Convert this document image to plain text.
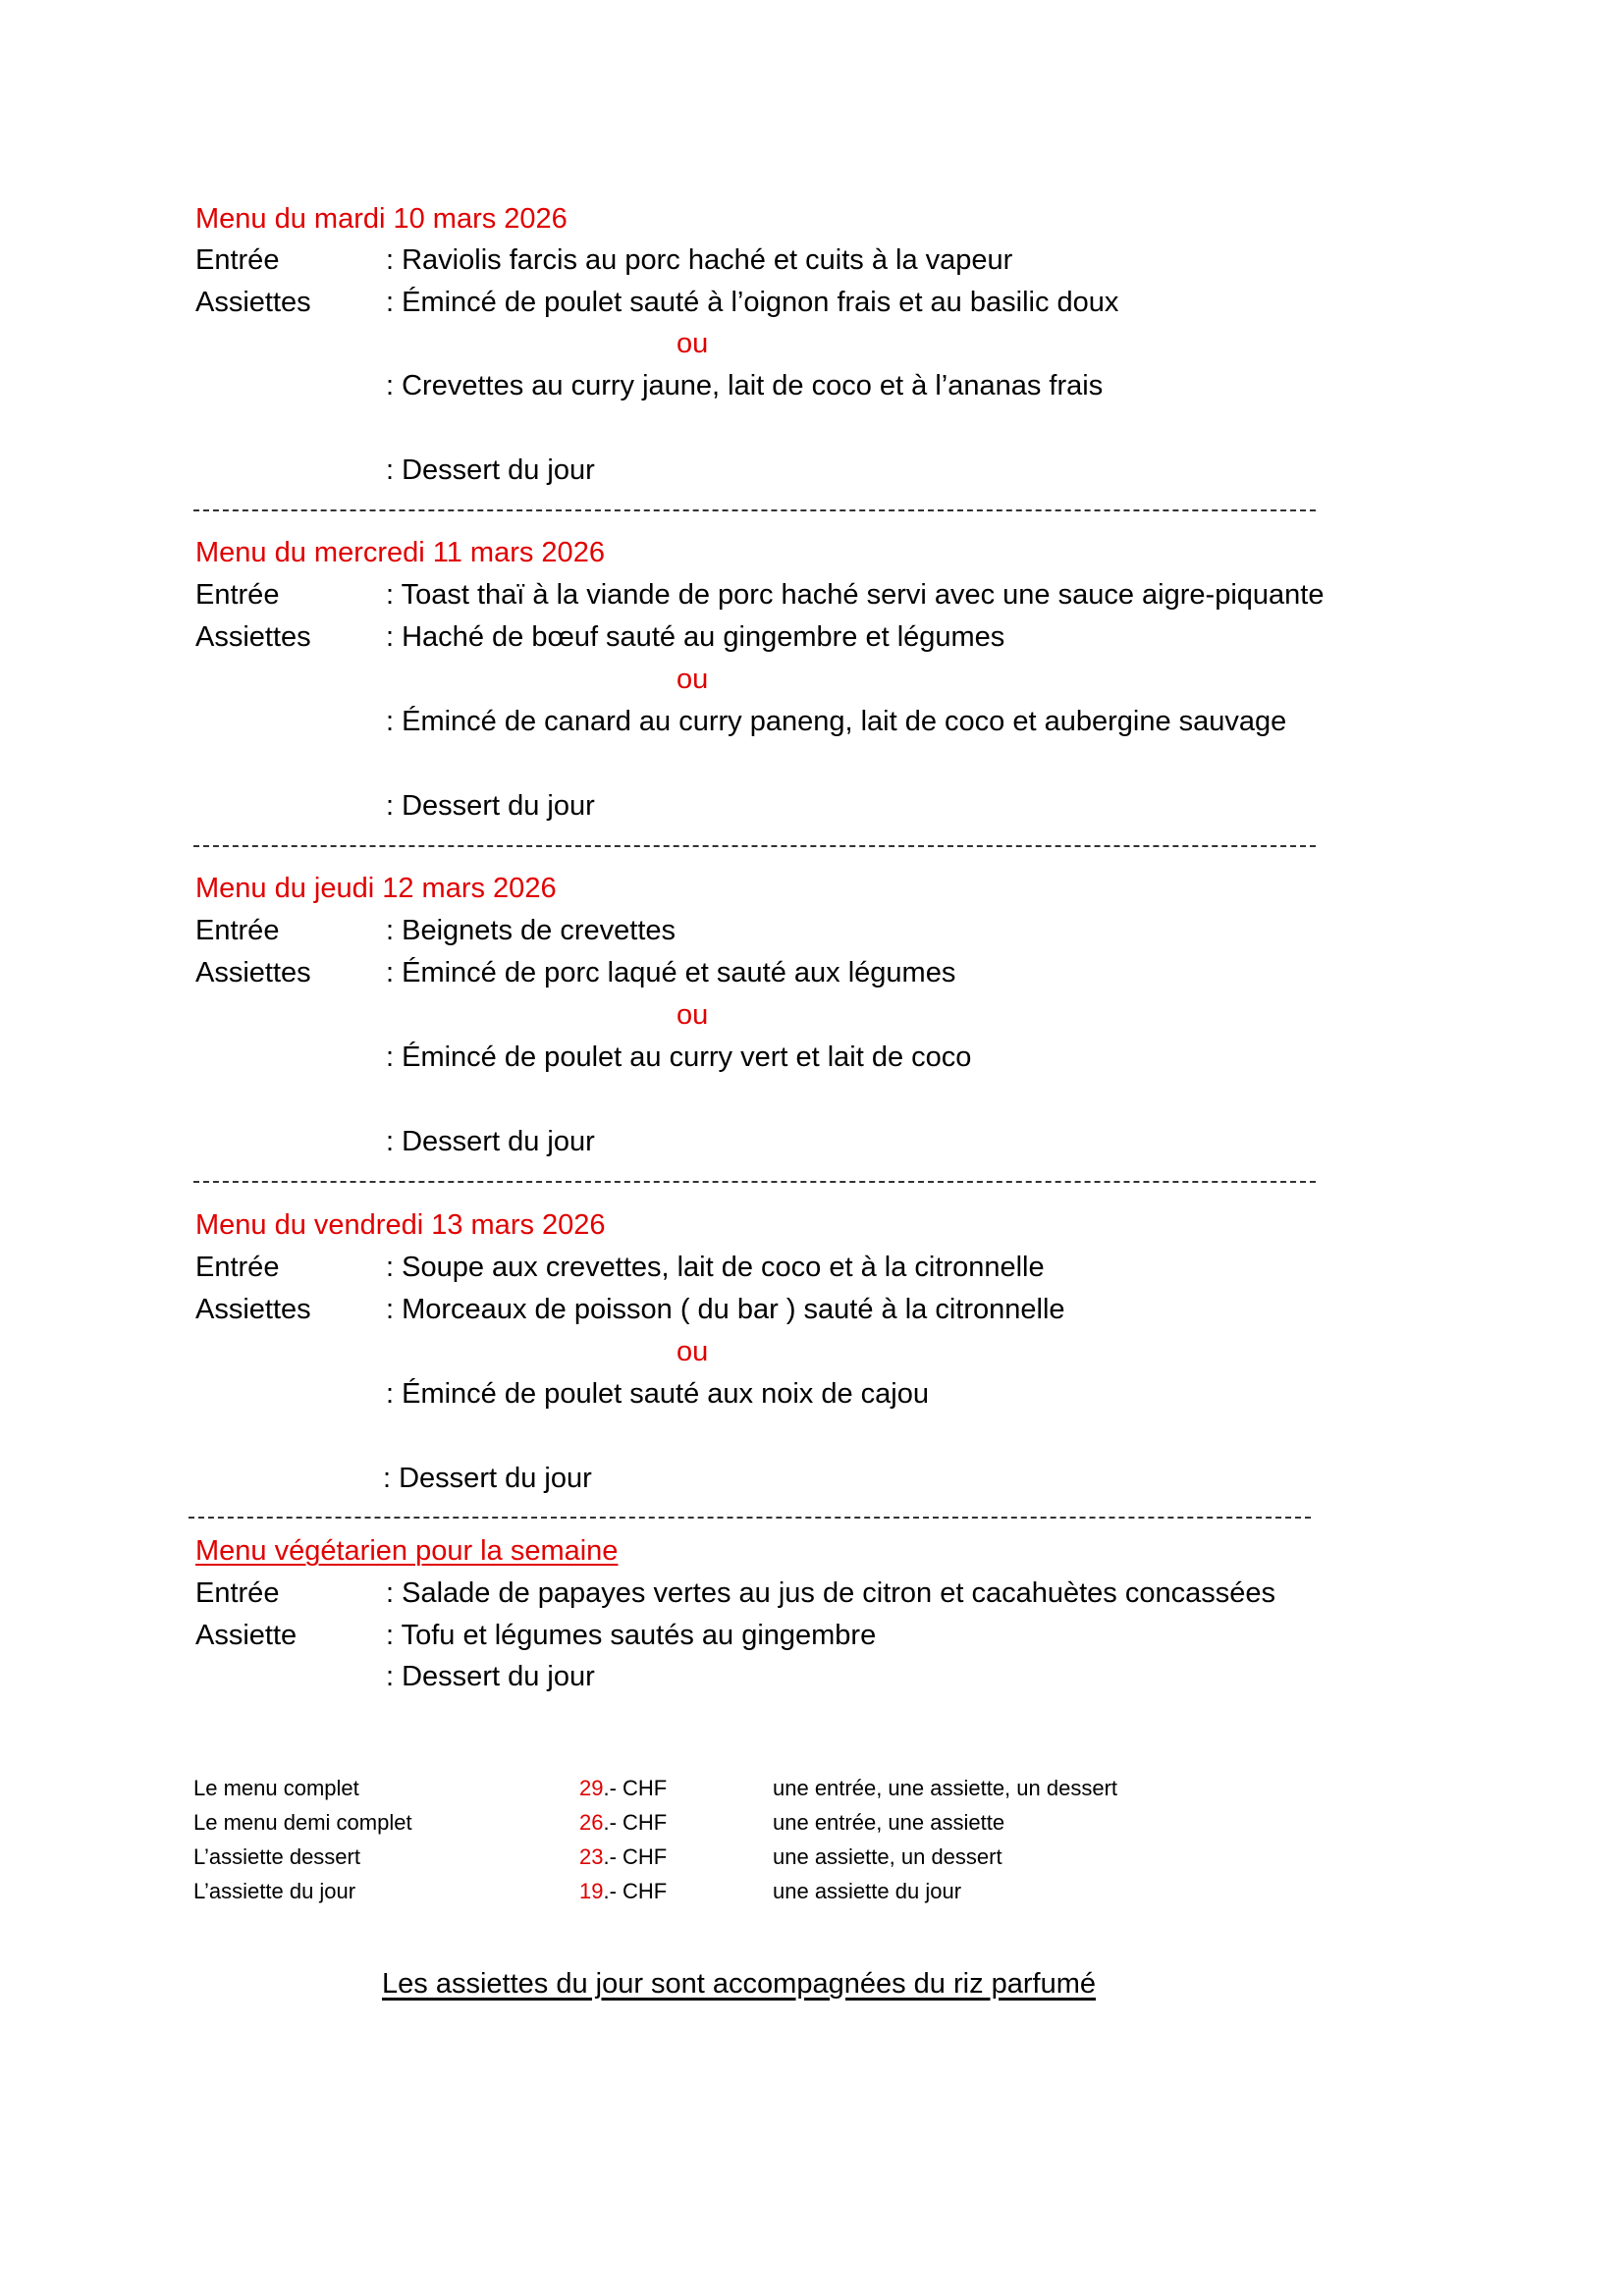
Menu du mardi 10 mars 2026
Entrée	: Raviolis farcis au porc haché et cuits à la vapeur
Assiettes	: Émincé de poulet sauté à l’oignon frais et au basilic doux
ou
: Crevettes au curry jaune, lait de coco et à l’ananas frais
: Dessert du jour
Menu du mercredi 11 mars 2026
Entrée	: Toast thaï à la viande de porc haché servi avec une sauce aigre-piquante
Assiettes	: Haché de bœuf sauté au gingembre et légumes
ou
: Émincé de canard au curry paneng, lait de coco et aubergine sauvage
: Dessert du jour
Menu du jeudi 12 mars 2026
Entrée	: Beignets de crevettes
Assiettes	: Émincé de porc laqué et sauté aux légumes
ou
: Émincé de poulet au curry vert et lait de coco
: Dessert du jour
Menu du vendredi 13 mars 2026
Entrée	: Soupe aux crevettes, lait de coco et à la citronnelle
Assiettes	: Morceaux de poisson ( du bar ) sauté à la citronnelle
ou
: Émincé de poulet sauté aux noix de cajou
: Dessert du jour
Menu végétarien pour la semaine
Entrée	: Salade de papayes vertes au jus de citron et cacahuètes concassées
Assiette	: Tofu et légumes sautés au gingembre
: Dessert du jour
Le menu complet	29.- CHF	une entrée, une assiette, un dessert
Le menu demi complet	26.- CHF	une entrée, une assiette
L’assiette dessert	23.- CHF	une assiette, un dessert
L’assiette du jour	19.- CHF	une assiette du jour
Les assiettes du jour sont accompagnées du riz parfumé
